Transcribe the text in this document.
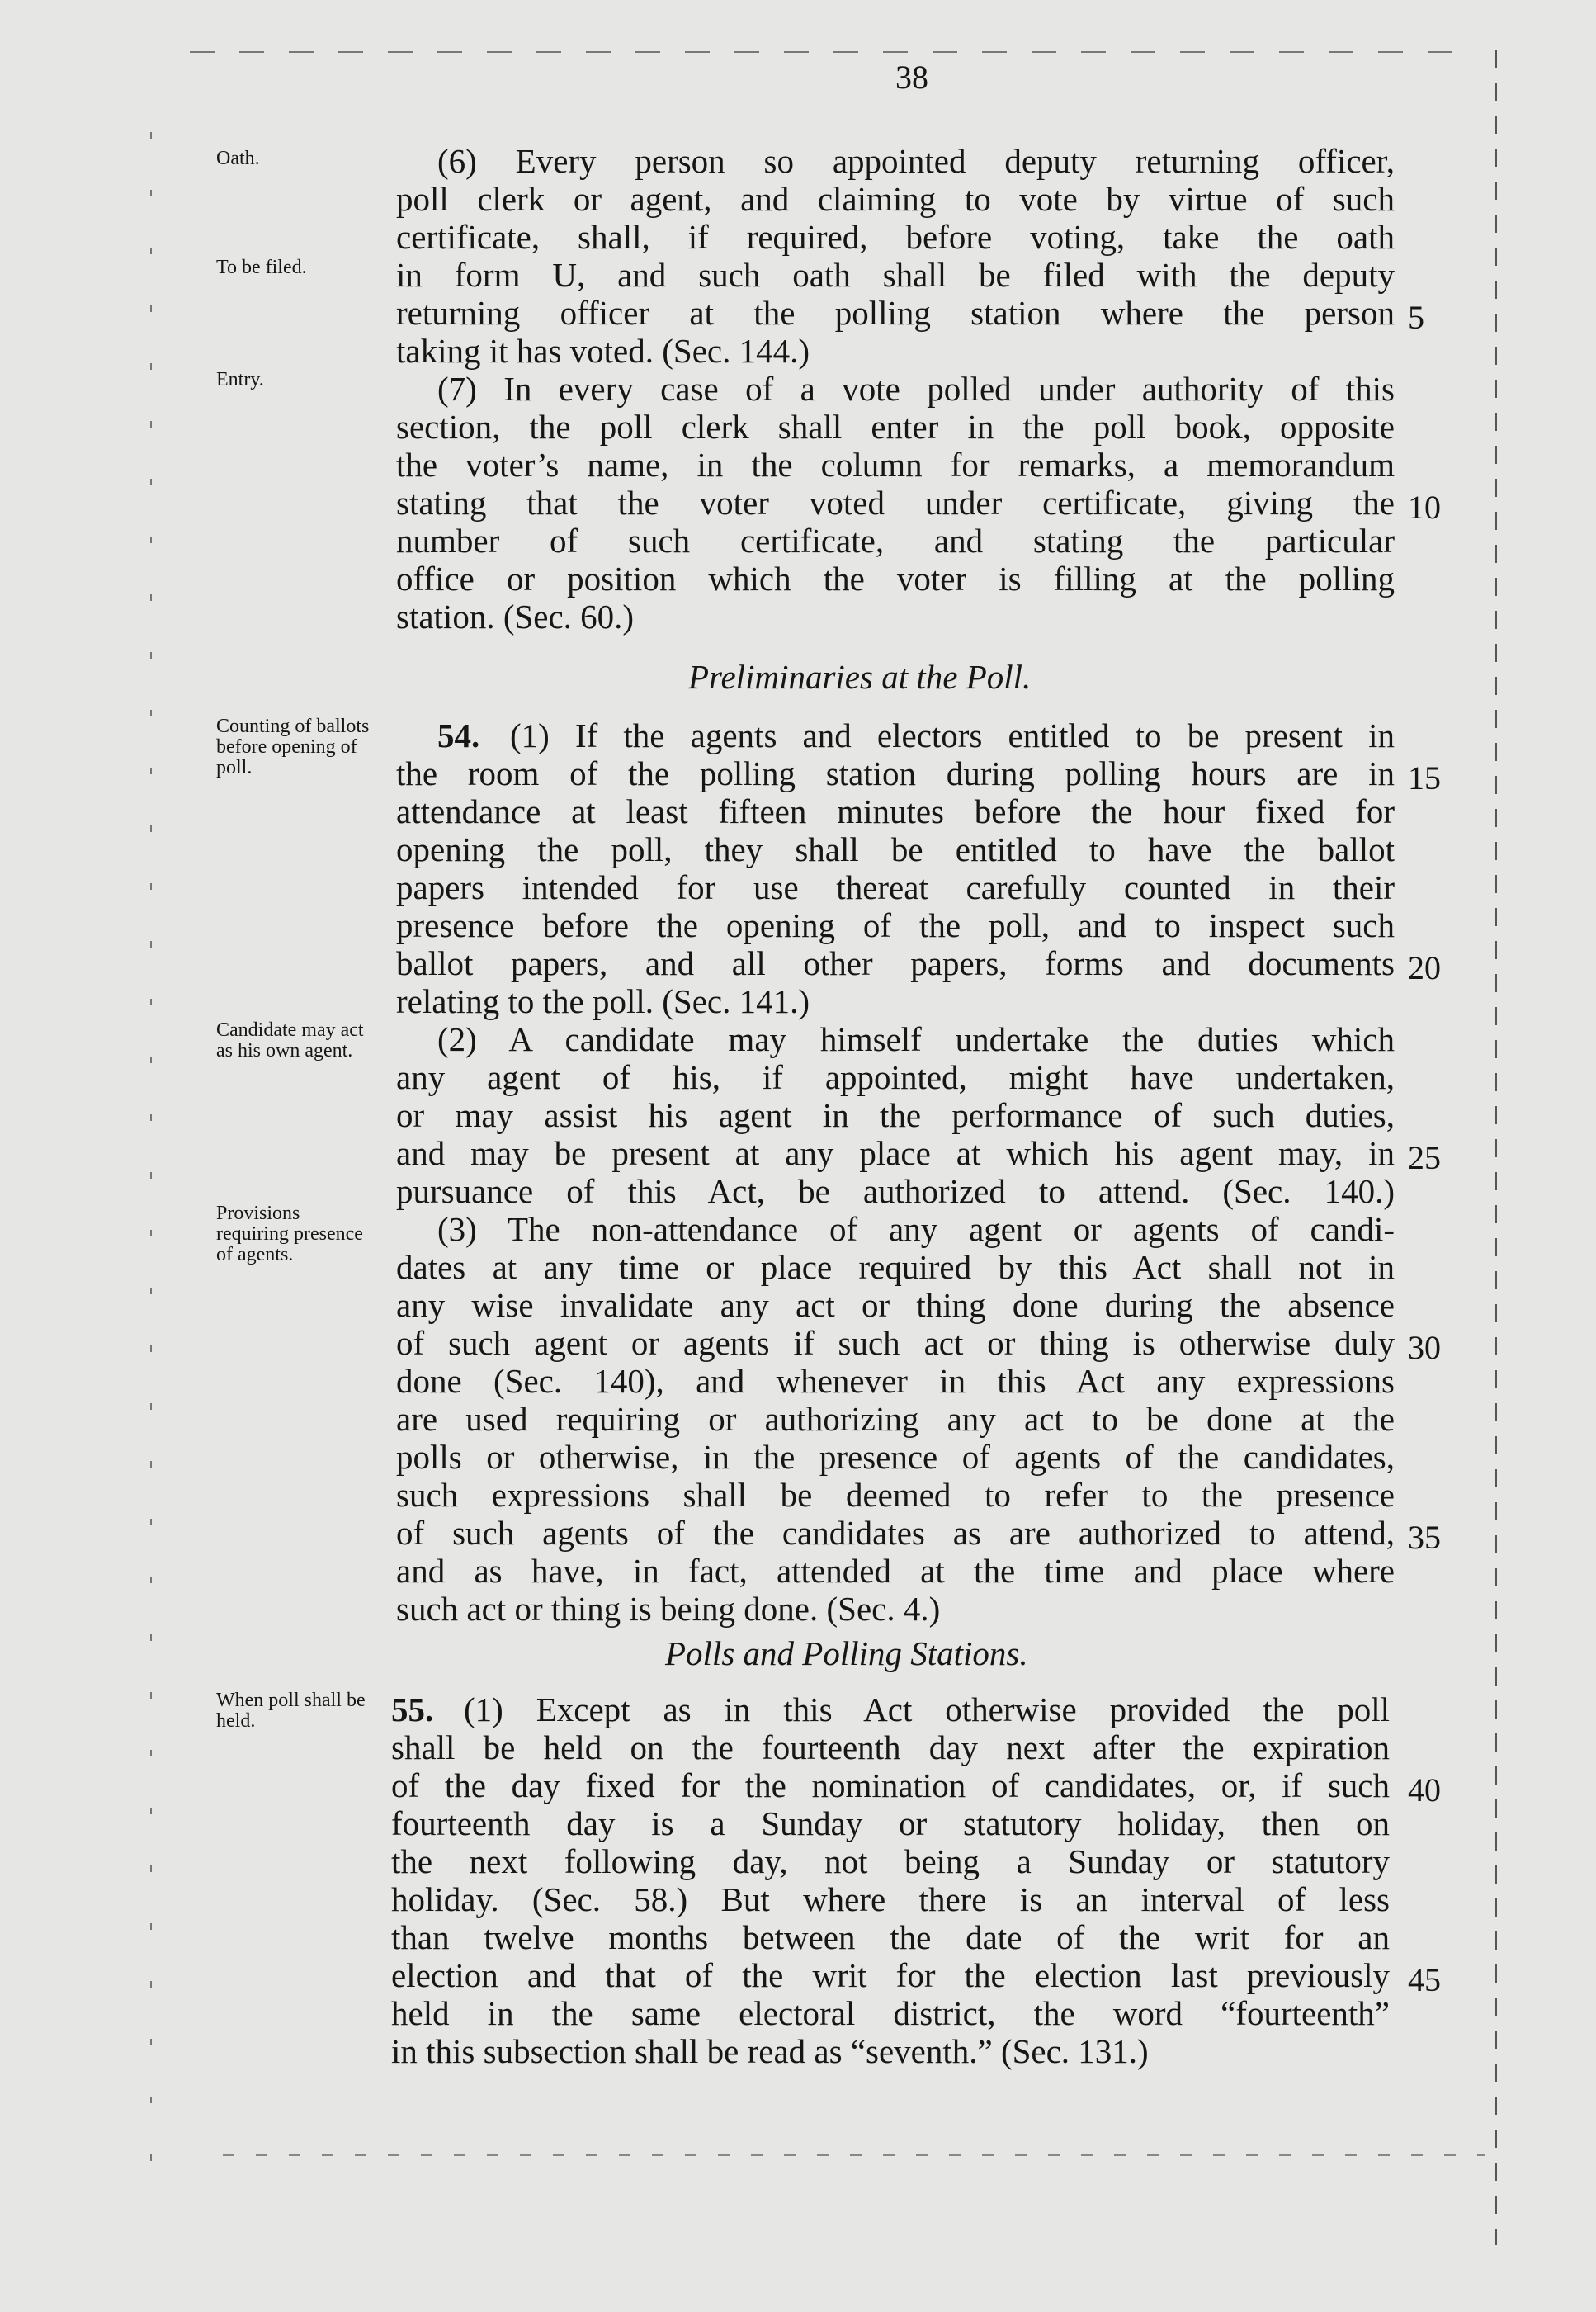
38
Oath.
To be filed.
Entry.
Counting of ballots before opening of poll.
Candidate may act as his own agent.
Provisions requiring presence of agents.
When poll shall be held.
Preliminaries at the Poll.
Polls and Polling Stations.
(6) Every person so appointed deputy returning officer,
poll clerk or agent, and claiming to vote by virtue of such
certificate, shall, if required, before voting, take the oath
in form U, and such oath shall be filed with the deputy
returning officer at the polling station where the person
taking it has voted. (Sec. 144.)
(7) In every case of a vote polled under authority of this
section, the poll clerk shall enter in the poll book, opposite
the voter’s name, in the column for remarks, a memorandum
stating that the voter voted under certificate, giving the
number of such certificate, and stating the particular
office or position which the voter is filling at the polling
station. (Sec. 60.)
54. (1) If the agents and electors entitled to be present in
the room of the polling station during polling hours are in
attendance at least fifteen minutes before the hour fixed for
opening the poll, they shall be entitled to have the ballot
papers intended for use thereat carefully counted in their
presence before the opening of the poll, and to inspect such
ballot papers, and all other papers, forms and documents
relating to the poll. (Sec. 141.)
(2) A candidate may himself undertake the duties which
any agent of his, if appointed, might have undertaken,
or may assist his agent in the performance of such duties,
and may be present at any place at which his agent may, in
pursuance of this Act, be authorized to attend. (Sec. 140.)
(3) The non-attendance of any agent or agents of candi-
dates at any time or place required by this Act shall not in
any wise invalidate any act or thing done during the absence
of such agent or agents if such act or thing is otherwise duly
done (Sec. 140), and whenever in this Act any expressions
are used requiring or authorizing any act to be done at the
polls or otherwise, in the presence of agents of the candidates,
such expressions shall be deemed to refer to the presence
of such agents of the candidates as are authorized to attend,
and as have, in fact, attended at the time and place where
such act or thing is being done. (Sec. 4.)
55. (1) Except as in this Act otherwise provided the poll
shall be held on the fourteenth day next after the expiration
of the day fixed for the nomination of candidates, or, if such
fourteenth day is a Sunday or statutory holiday, then on
the next following day, not being a Sunday or statutory
holiday. (Sec. 58.) But where there is an interval of less
than twelve months between the date of the writ for an
election and that of the writ for the election last previously
held in the same electoral district, the word “fourteenth”
in this subsection shall be read as “seventh.” (Sec. 131.)
5
10
15
20
25
30
35
40
45
